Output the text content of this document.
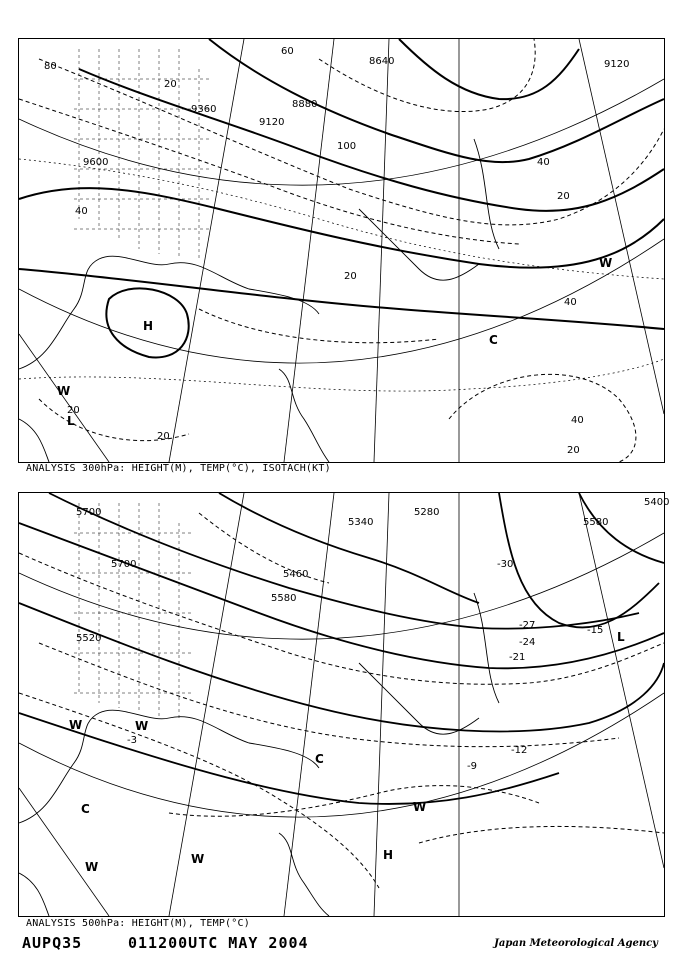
80
60
9600
40
20
9360
9120
8880
8640
100
9120
40
20
40
20
H
W
W
C
L
20
20
40
20
ANALYSIS 300hPa: HEIGHT(M), TEMP(°C), ISOTACH(KT)
5700
5700
5520
5340
5460
5580
5280
5400
5580
-30
-27
-24
-21
-15
-12
-9
-3
W	W
C
W
W	H
W
L
C
ANALYSIS 500hPa: HEIGHT(M), TEMP(°C)
AUPQ35	011200UTC MAY 2004	Japan Meteorological Agency
